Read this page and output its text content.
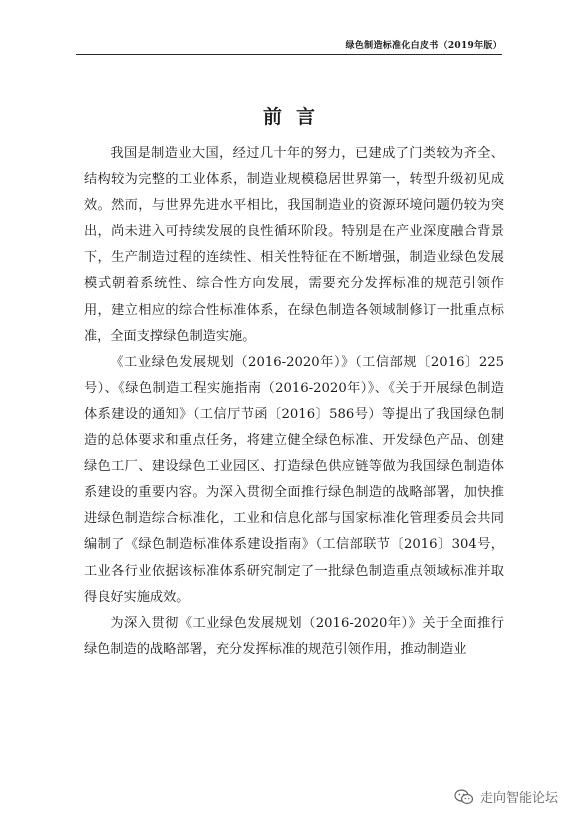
绿色制造标准化白皮书（2019年版）
前言

我国是制造业大国，经过几十年的努力，已建成了门类较为齐全、结构较为完整的工业体系，制造业规模稳居世界第一，转型升级初见成效。然而，与世界先进水平相比，我国制造业的资源环境问题仍较为突出，尚未进入可持续发展的良性循环阶段。特别是在产业深度融合背景下，生产制造过程的连续性、相关性特征在不断增强，制造业绿色发展模式朝着系统性、综合性方向发展，需要充分发挥标准的规范引领作用，建立相应的综合性标准体系，在绿色制造各领域制修订一批重点标准，全面支撑绿色制造实施。

《工业绿色发展规划（2016-2020年）》（工信部规〔2016〕225号）、《绿色制造工程实施指南（2016-2020年）》、《关于开展绿色制造体系建设的通知》（工信厅节函〔2016〕586号）等提出了我国绿色制造的总体要求和重点任务，将建立健全绿色标准、开发绿色产品、创建绿色工厂、建设绿色工业园区、打造绿色供应链等做为我国绿色制造体系建设的重要内容。为深入贯彻全面推行绿色制造的战略部署，加快推进绿色制造综合标准化，工业和信息化部与国家标准化管理委员会共同编制了《绿色制造标准体系建设指南》（工信部联节〔2016〕304号，工业各行业依据该标准体系研究制定了一批绿色制造重点领域标准并取得良好实施成效。

为深入贯彻《工业绿色发展规划（2016-2020年）》关于全面推行绿色制造的战略部署，充分发挥标准的规范引领作用，推动制造业

走向智能论坛
